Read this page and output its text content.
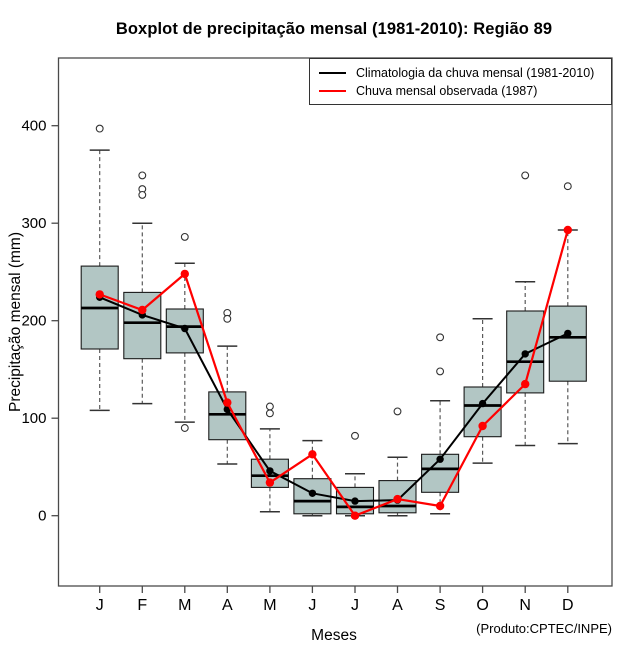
Boxplot de precipitação mensal (1981-2010): Região 89
0
100
200
300
400
J F M A M J J A S O N D
Climatologia da chuva mensal (1981-2010)
Chuva mensal observada (1987)
Precipitação mensal (mm)
Meses	(Produto:CPTEC/INPE)
